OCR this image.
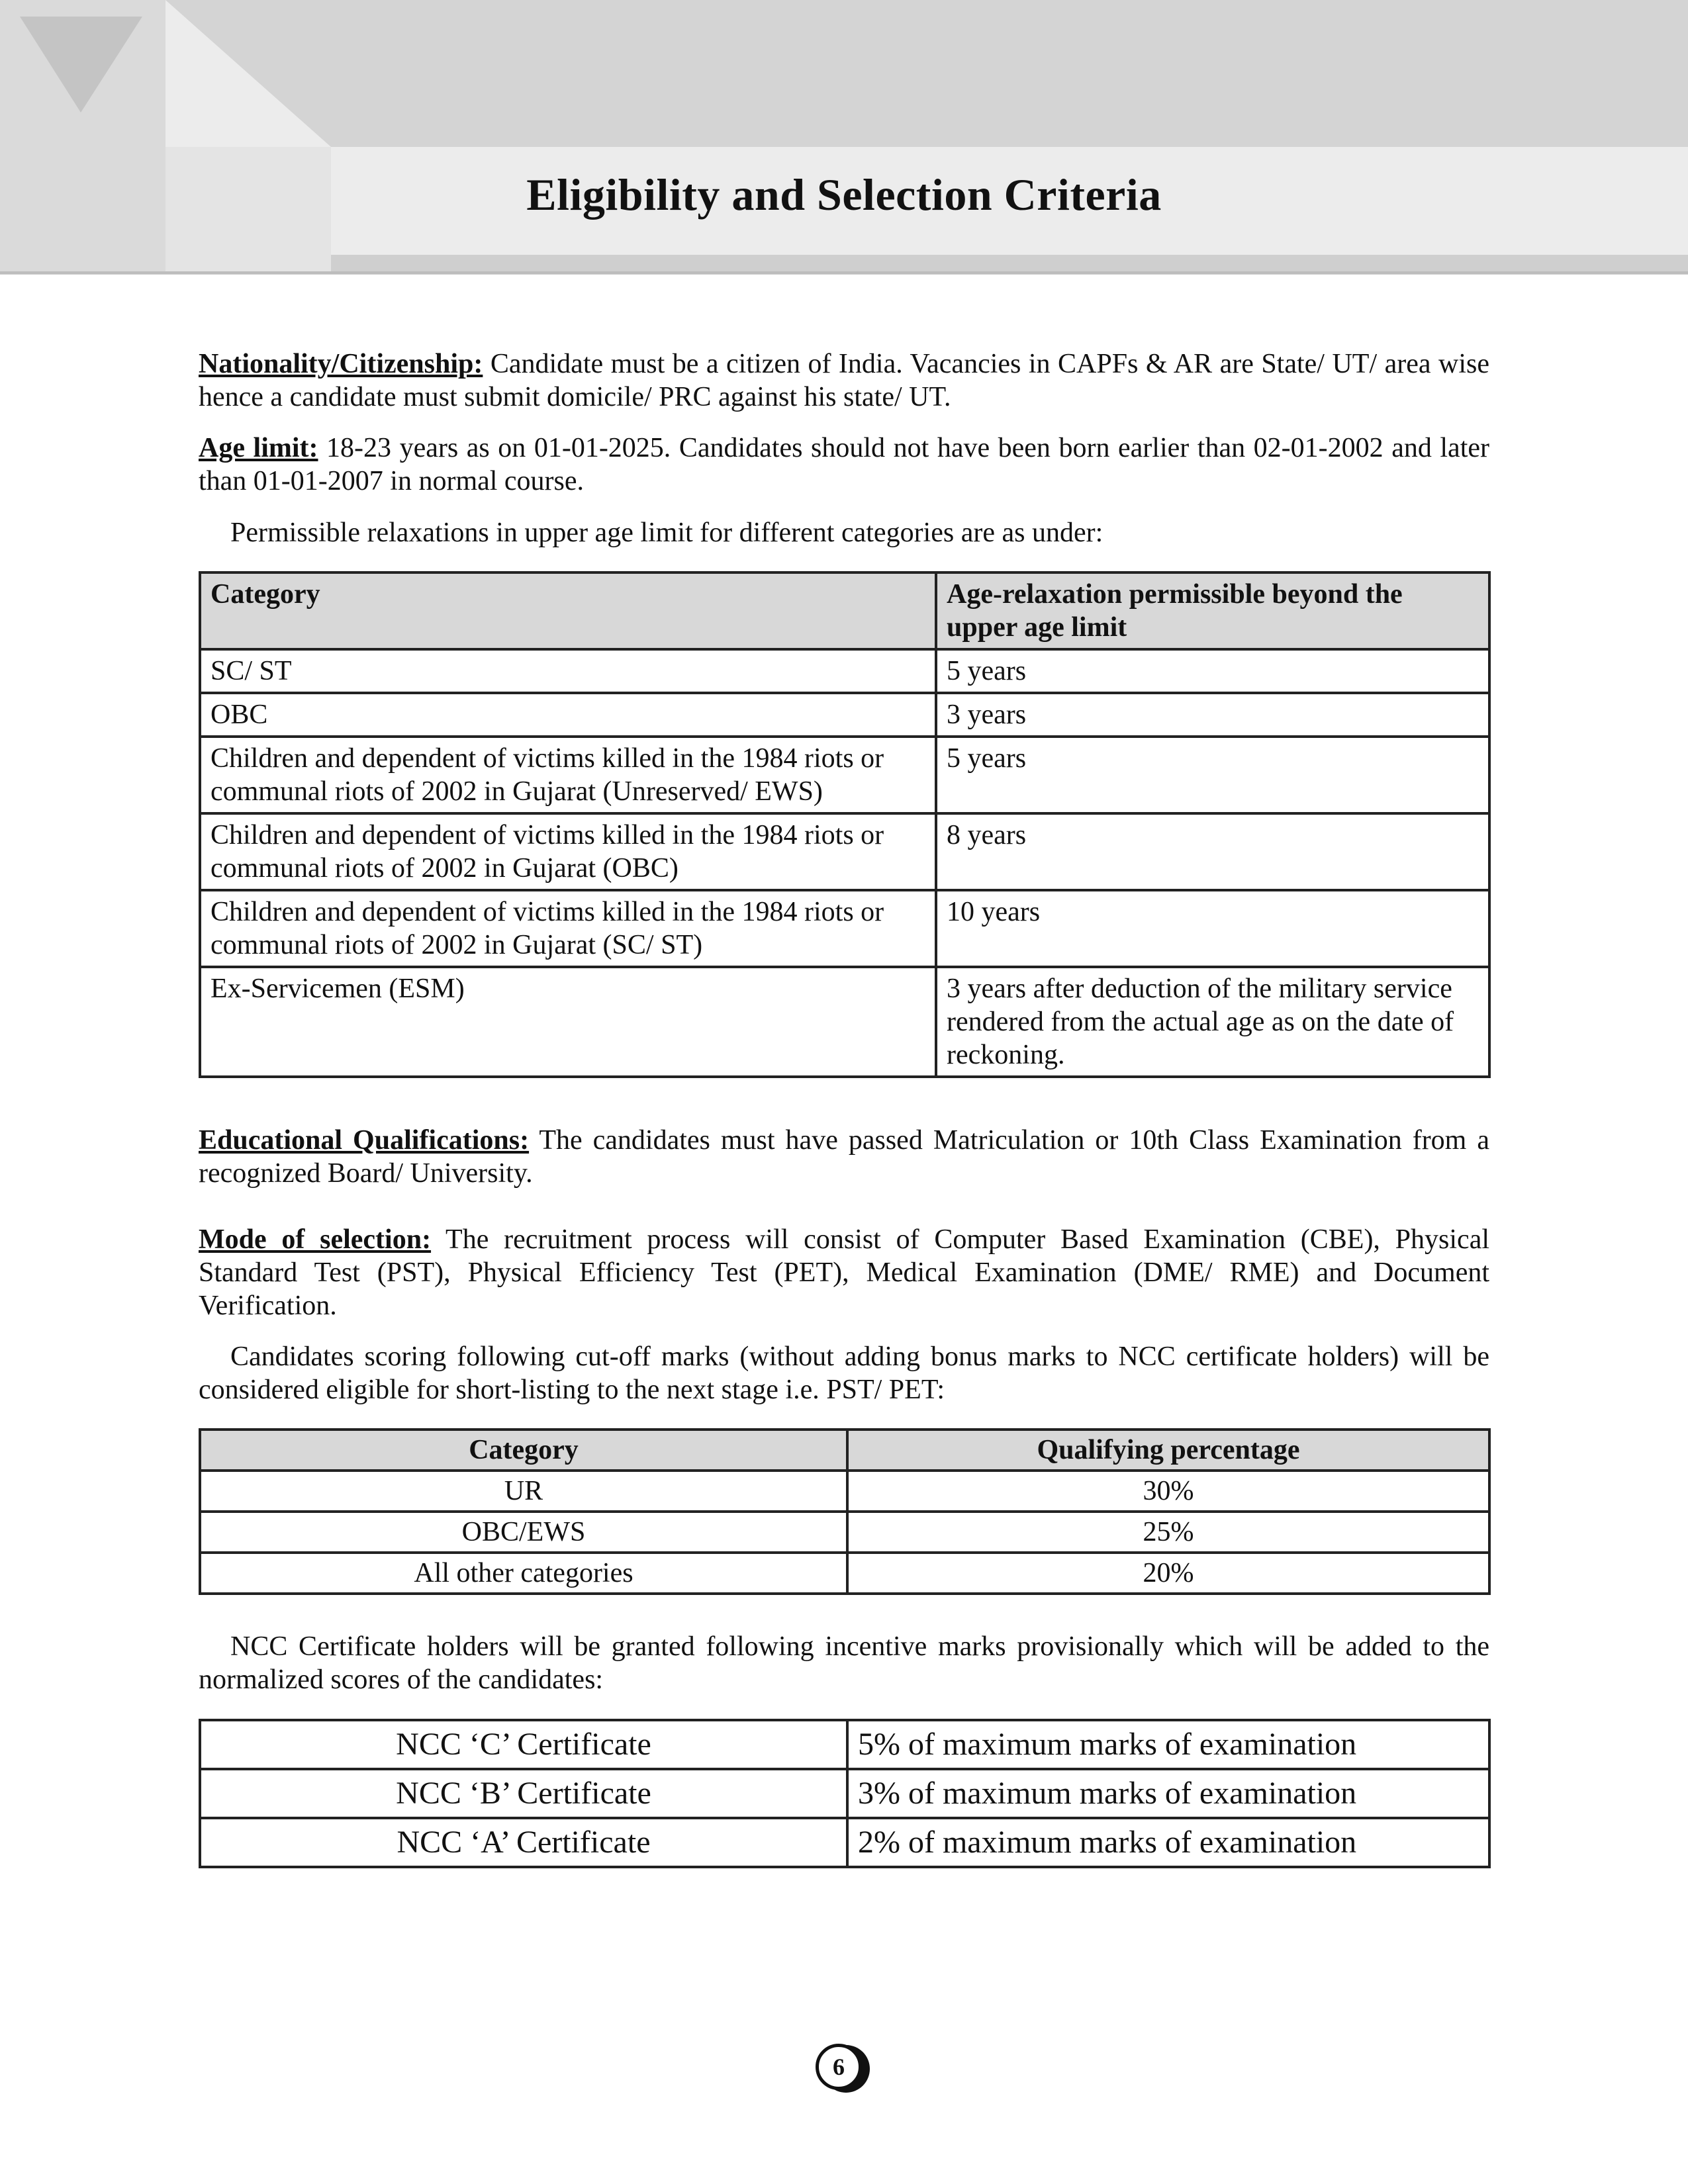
Eligibility and Selection Criteria

Nationality/Citizenship: Candidate must be a citizen of India. Vacancies in CAPFs & AR are State/ UT/ area wise hence a candidate must submit domicile/ PRC against his state/ UT.

Age limit: 18-23 years as on 01-01-2025. Candidates should not have been born earlier than 02-01-2002 and later than 01-01-2007 in normal course.

Permissible relaxations in upper age limit for different categories are as under:

Category	Age-relaxation permissible beyond the upper age limit
SC/ ST	5 years
OBC	3 years
Children and dependent of victims killed in the 1984 riots or communal riots of 2002 in Gujarat (Unreserved/ EWS)	5 years
Children and dependent of victims killed in the 1984 riots or communal riots of 2002 in Gujarat (OBC)	8 years
Children and dependent of victims killed in the 1984 riots or communal riots of 2002 in Gujarat (SC/ ST)	10 years
Ex-Servicemen (ESM)	3 years after deduction of the military service rendered from the actual age as on the date of reckoning.

Educational Qualifications: The candidates must have passed Matriculation or 10th Class Examination from a recognized Board/ University.

Mode of selection: The recruitment process will consist of Computer Based Examination (CBE), Physical Standard Test (PST), Physical Efficiency Test (PET), Medical Examination (DME/ RME) and Document Verification.

Candidates scoring following cut-off marks (without adding bonus marks to NCC certificate holders) will be considered eligible for short-listing to the next stage i.e. PST/ PET:

Category	Qualifying percentage
UR	30%
OBC/EWS	25%
All other categories	20%

NCC Certificate holders will be granted following incentive marks provisionally which will be added to the normalized scores of the candidates:

NCC ‘C’ Certificate	5% of maximum marks of examination
NCC ‘B’ Certificate	3% of maximum marks of examination
NCC ‘A’ Certificate	2% of maximum marks of examination
6
